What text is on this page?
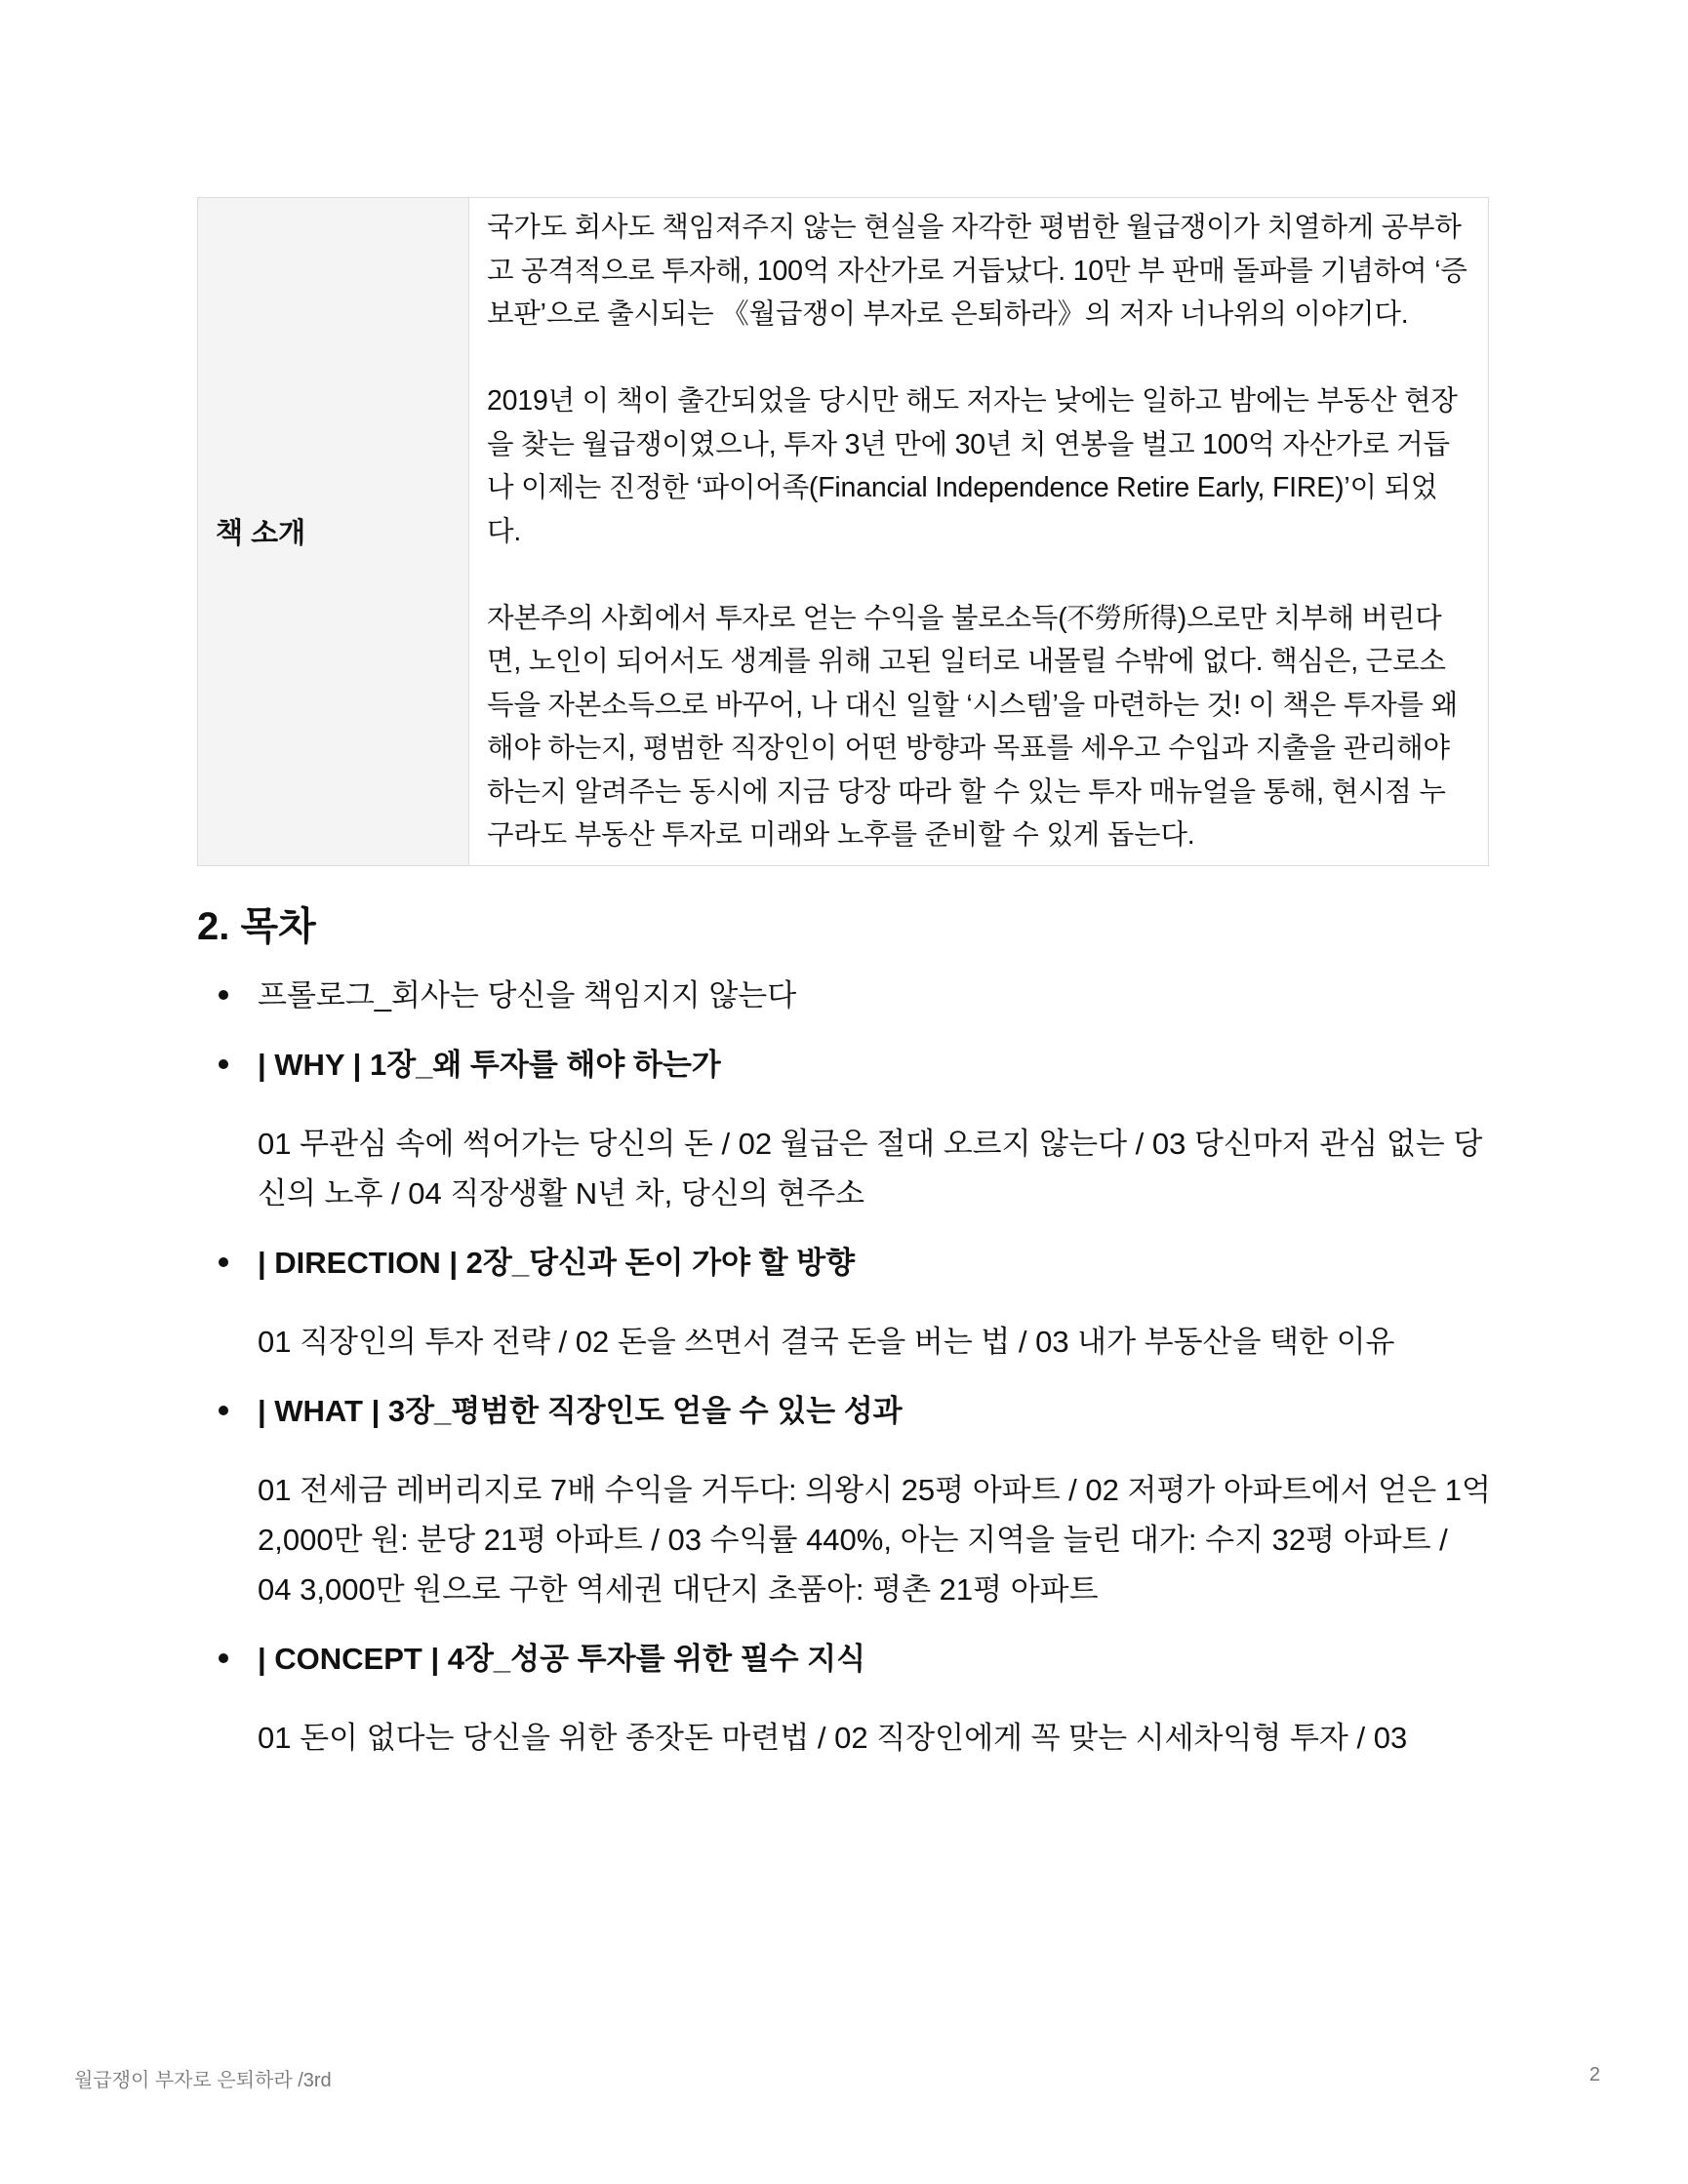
책 소개	

국가도 회사도 책임져주지 않는 현실을 자각한 평범한 월급쟁이가 치열하게 공부하고 공격적으로 투자해, 100억 자산가로 거듭났다. 10만 부 판매 돌파를 기념하여 ‘증보판’으로 출시되는 《월급쟁이 부자로 은퇴하라》의 저자 너나위의 이야기다.

2019년 이 책이 출간되었을 당시만 해도 저자는 낮에는 일하고 밤에는 부동산 현장을 찾는 월급쟁이였으나, 투자 3년 만에 30년 치 연봉을 벌고 100억 자산가로 거듭나 이제는 진정한 ‘파이어족(Financial Independence Retire Early, FIRE)’이 되었다.

자본주의 사회에서 투자로 얻는 수익을 불로소득(不勞所得)으로만 치부해 버린다면, 노인이 되어서도 생계를 위해 고된 일터로 내몰릴 수밖에 없다. 핵심은, 근로소득을 자본소득으로 바꾸어, 나 대신 일할 ‘시스템’을 마련하는 것! 이 책은 투자를 왜 해야 하는지, 평범한 직장인이 어떤 방향과 목표를 세우고 수입과 지출을 관리해야 하는지 알려주는 동시에 지금 당장 따라 할 수 있는 투자 매뉴얼을 통해, 현시점 누구라도 부동산 투자로 미래와 노후를 준비할 수 있게 돕는다.

2. 목차
프롤로그_회사는 당신을 책임지지 않는다
| WHY | 1장_왜 투자를 해야 하는가
01 무관심 속에 썩어가는 당신의 돈 / 02 월급은 절대 오르지 않는다 / 03 당신마저 관심 없는 당신의 노후 / 04 직장생활 N년 차, 당신의 현주소
| DIRECTION | 2장_당신과 돈이 가야 할 방향
01 직장인의 투자 전략 / 02 돈을 쓰면서 결국 돈을 버는 법 / 03 내가 부동산을 택한 이유
| WHAT | 3장_평범한 직장인도 얻을 수 있는 성과
01 전세금 레버리지로 7배 수익을 거두다: 의왕시 25평 아파트 / 02 저평가 아파트에서 얻은 1억 2,000만 원: 분당 21평 아파트 / 03 수익률 440%, 아는 지역을 늘린 대가: 수지 32평 아파트 /
04 3,000만 원으로 구한 역세권 대단지 초품아: 평촌 21평 아파트
| CONCEPT | 4장_성공 투자를 위한 필수 지식
01 돈이 없다는 당신을 위한 종잣돈 마련법 / 02 직장인에게 꼭 맞는 시세차익형 투자 / 03
월급쟁이 부자로 은퇴하라 /3rd	2
